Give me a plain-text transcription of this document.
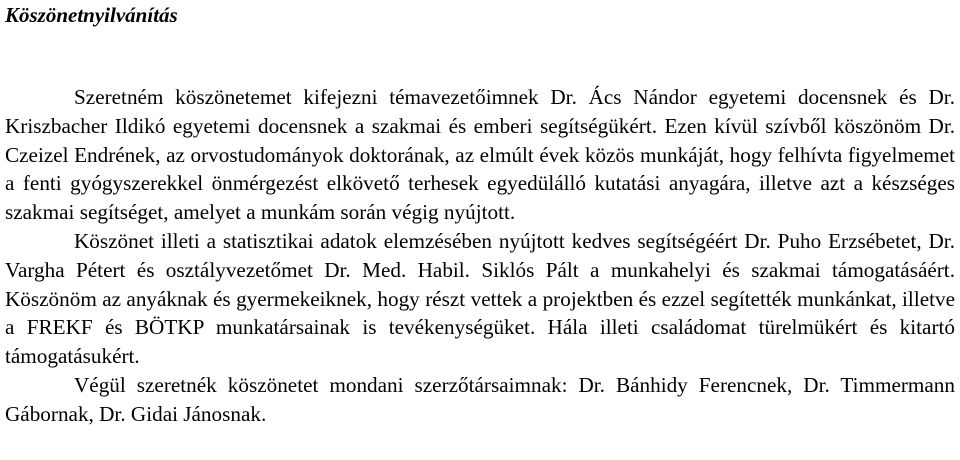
Köszönetnyilvánítás

Szeretném köszönetemet kifejezni témavezetőimnek Dr. Ács Nándor egyetemi docensnek és Dr. Kriszbacher Ildikó egyetemi docensnek a szakmai és emberi segítségükért. Ezen kívül szívből köszönöm Dr. Czeizel Endrének, az orvostudományok doktorának, az elmúlt évek közös munkáját, hogy felhívta figyelmemet a fenti gyógyszerekkel önmérgezést elkövető terhesek egyedülálló kutatási anyagára, illetve azt a készséges szakmai segítséget, amelyet a munkám során végig nyújtott.

Köszönet illeti a statisztikai adatok elemzésében nyújtott kedves segítségéért Dr. Puho Erzsébetet, Dr. Vargha Pétert és osztályvezetőmet Dr. Med. Habil. Siklós Pált a munkahelyi és szakmai támogatásáért. Köszönöm az anyáknak és gyermekeiknek, hogy részt vettek a projektben és ezzel segítették munkánkat, illetve a FREKF és BÖTKP munkatársainak is tevékenységüket. Hála illeti családomat türelmükért és kitartó támogatásukért.

Végül szeretnék köszönetet mondani szerzőtársaimnak: Dr. Bánhidy Ferencnek, Dr. Timmermann Gábornak, Dr. Gidai Jánosnak.
